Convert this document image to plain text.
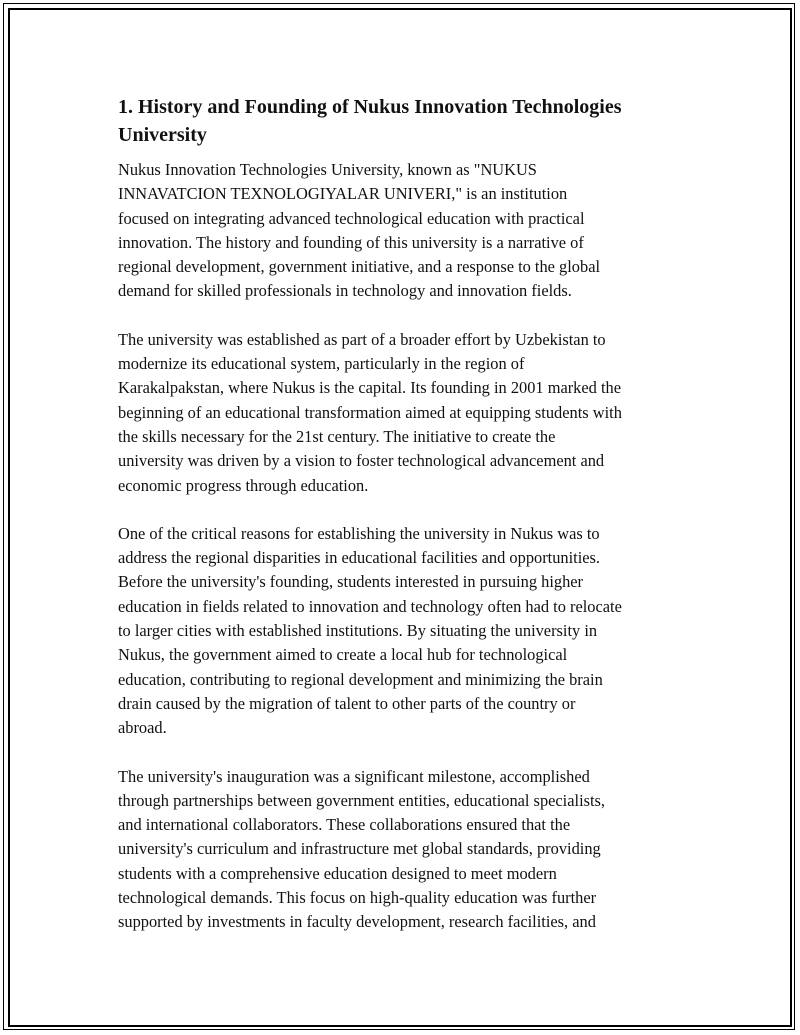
1. History and Founding of Nukus Innovation Technologies
University

Nukus Innovation Technologies University, known as "NUKUS
INNAVATCION TEXNOLOGIYALAR UNIVERI," is an institution
focused on integrating advanced technological education with practical
innovation. The history and founding of this university is a narrative of
regional development, government initiative, and a response to the global
demand for skilled professionals in technology and innovation fields.

The university was established as part of a broader effort by Uzbekistan to
modernize its educational system, particularly in the region of
Karakalpakstan, where Nukus is the capital. Its founding in 2001 marked the
beginning of an educational transformation aimed at equipping students with
the skills necessary for the 21st century. The initiative to create the
university was driven by a vision to foster technological advancement and
economic progress through education.

One of the critical reasons for establishing the university in Nukus was to
address the regional disparities in educational facilities and opportunities.
Before the university's founding, students interested in pursuing higher
education in fields related to innovation and technology often had to relocate
to larger cities with established institutions. By situating the university in
Nukus, the government aimed to create a local hub for technological
education, contributing to regional development and minimizing the brain
drain caused by the migration of talent to other parts of the country or
abroad.

The university's inauguration was a significant milestone, accomplished
through partnerships between government entities, educational specialists,
and international collaborators. These collaborations ensured that the
university's curriculum and infrastructure met global standards, providing
students with a comprehensive education designed to meet modern
technological demands. This focus on high-quality education was further
supported by investments in faculty development, research facilities, and
